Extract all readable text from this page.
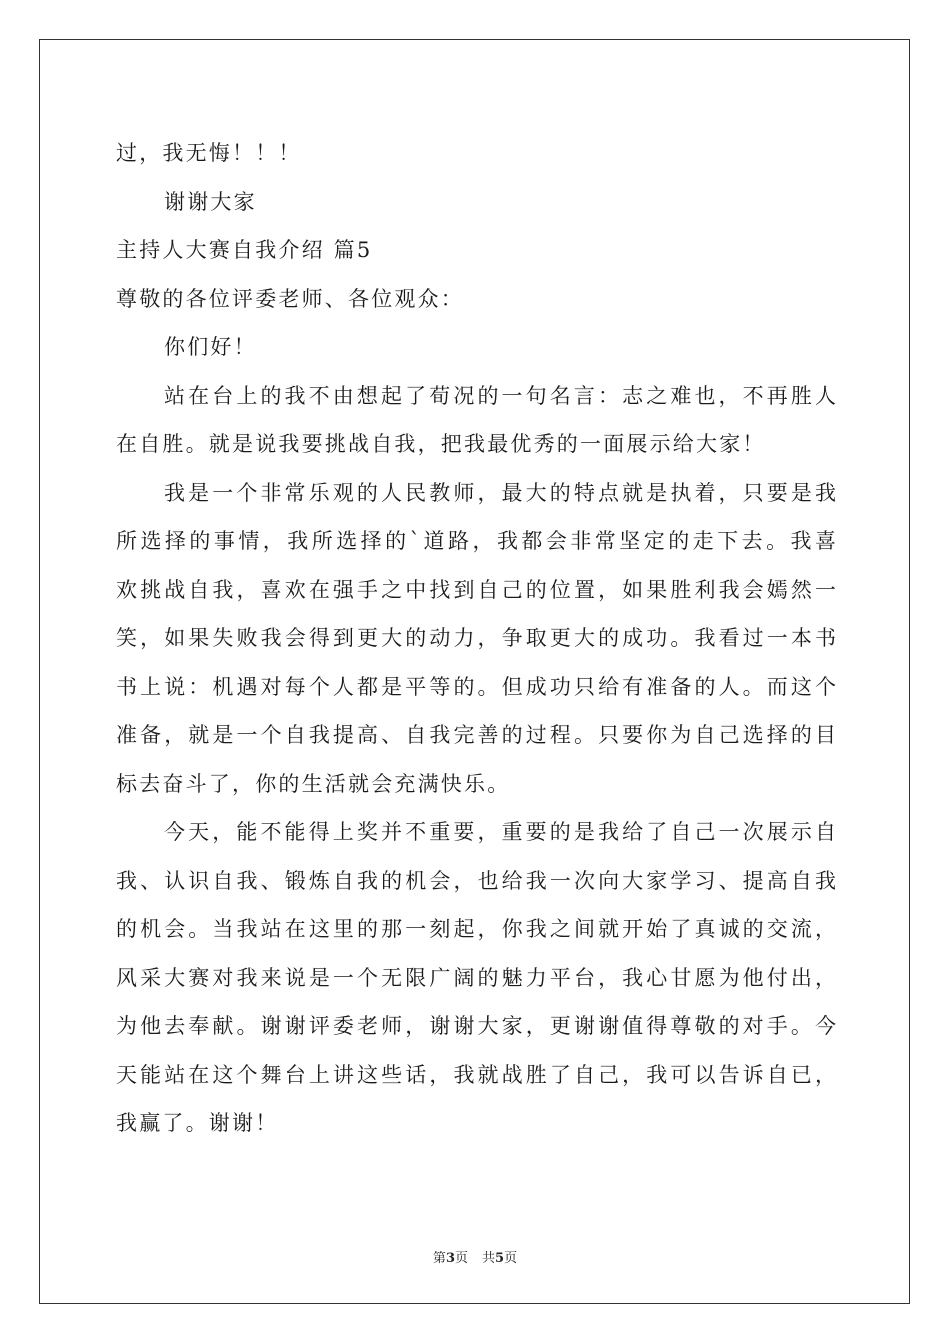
过，我无悔！！！
谢谢大家
主持人大赛自我介绍 篇5
尊敬的各位评委老师、各位观众：
你们好！
站在台上的我不由想起了荀况的一句名言：志之难也，不再胜人
在自胜。就是说我要挑战自我，把我最优秀的一面展示给大家！
我是一个非常乐观的人民教师，最大的特点就是执着，只要是我
所选择的事情，我所选择的`道路，我都会非常坚定的走下去。我喜
欢挑战自我，喜欢在强手之中找到自己的位置，如果胜利我会嫣然一
笑，如果失败我会得到更大的动力，争取更大的成功。我看过一本书
书上说：机遇对每个人都是平等的。但成功只给有准备的人。而这个
准备，就是一个自我提高、自我完善的过程。只要你为自己选择的目
标去奋斗了，你的生活就会充满快乐。
今天，能不能得上奖并不重要，重要的是我给了自己一次展示自
我、认识自我、锻炼自我的机会，也给我一次向大家学习、提高自我
的机会。当我站在这里的那一刻起，你我之间就开始了真诚的交流，
风采大赛对我来说是一个无限广阔的魅力平台，我心甘愿为他付出，
为他去奉献。谢谢评委老师，谢谢大家，更谢谢值得尊敬的对手。今
天能站在这个舞台上讲这些话，我就战胜了自己，我可以告诉自已，
我赢了。谢谢！
第3页 共5页
